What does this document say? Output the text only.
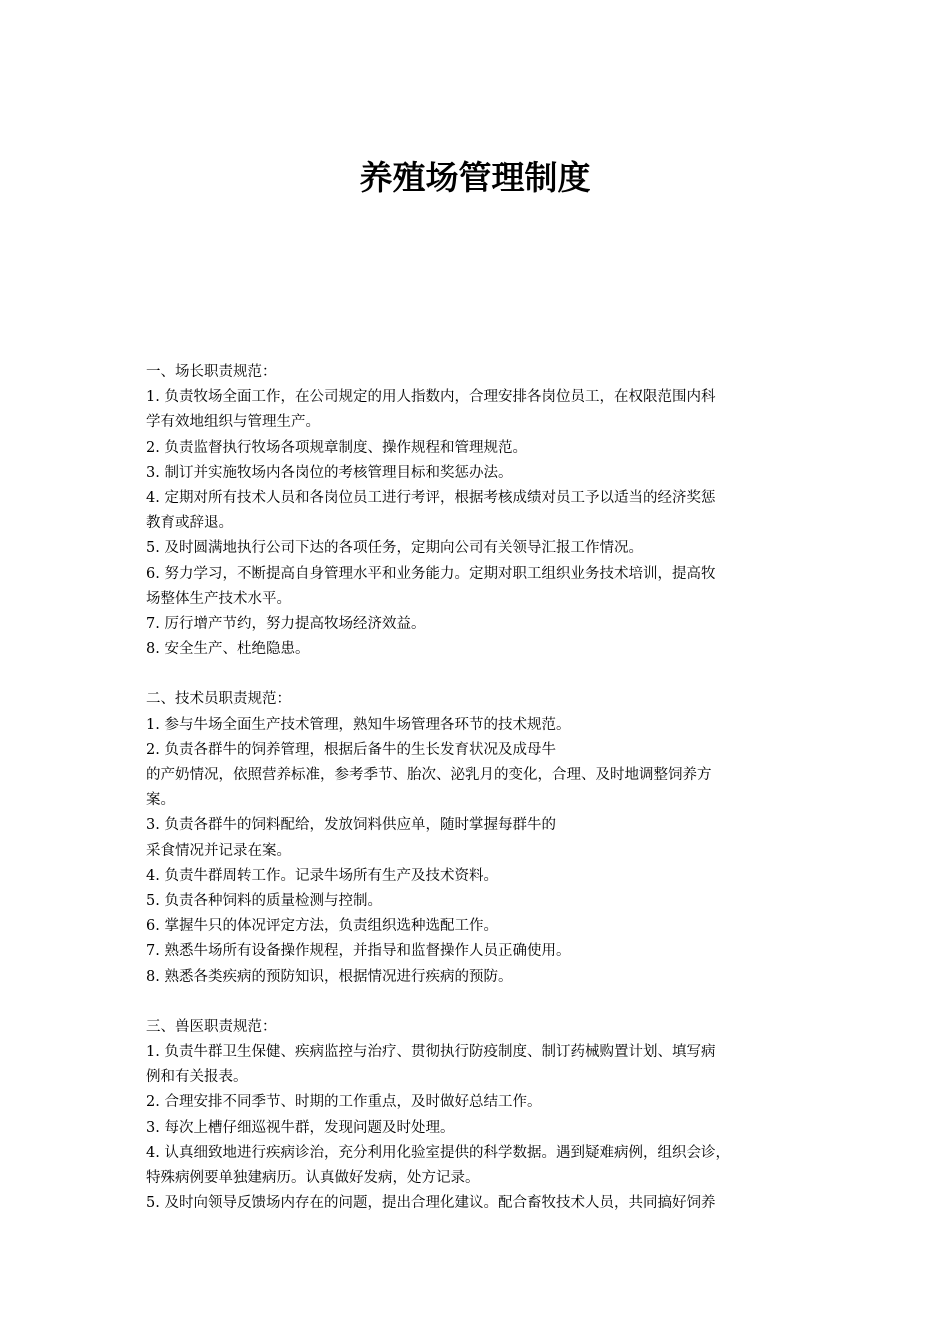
养殖场管理制度
一、场长职责规范：
1. 负责牧场全面工作，在公司规定的用人指数内，合理安排各岗位员工，在权限范围内科
学有效地组织与管理生产。
2. 负责监督执行牧场各项规章制度、操作规程和管理规范。
3. 制订并实施牧场内各岗位的考核管理目标和奖惩办法。
4. 定期对所有技术人员和各岗位员工进行考评，根据考核成绩对员工予以适当的经济奖惩
教育或辞退。
5. 及时圆满地执行公司下达的各项任务，定期向公司有关领导汇报工作情况。
6. 努力学习，不断提高自身管理水平和业务能力。定期对职工组织业务技术培训，提高牧
场整体生产技术水平。
7. 厉行增产节约，努力提高牧场经济效益。
8. 安全生产、杜绝隐患。
二、技术员职责规范：
1. 参与牛场全面生产技术管理，熟知牛场管理各环节的技术规范。
2. 负责各群牛的饲养管理，根据后备牛的生长发育状况及成母牛
的产奶情况，依照营养标准，参考季节、胎次、泌乳月的变化，合理、及时地调整饲养方
案。
3. 负责各群牛的饲料配给，发放饲料供应单，随时掌握每群牛的
采食情况并记录在案。
4. 负责牛群周转工作。记录牛场所有生产及技术资料。
5. 负责各种饲料的质量检测与控制。
6. 掌握牛只的体况评定方法，负责组织选种选配工作。
7. 熟悉牛场所有设备操作规程，并指导和监督操作人员正确使用。
8. 熟悉各类疾病的预防知识，根据情况进行疾病的预防。
三、兽医职责规范：
1. 负责牛群卫生保健、疾病监控与治疗、贯彻执行防疫制度、制订药械购置计划、填写病
例和有关报表。
2. 合理安排不同季节、时期的工作重点，及时做好总结工作。
3. 每次上槽仔细巡视牛群，发现问题及时处理。
4. 认真细致地进行疾病诊治，充分利用化验室提供的科学数据。遇到疑难病例，组织会诊，
特殊病例要单独建病历。认真做好发病，处方记录。
5. 及时向领导反馈场内存在的问题，提出合理化建议。配合畜牧技术人员，共同搞好饲养
